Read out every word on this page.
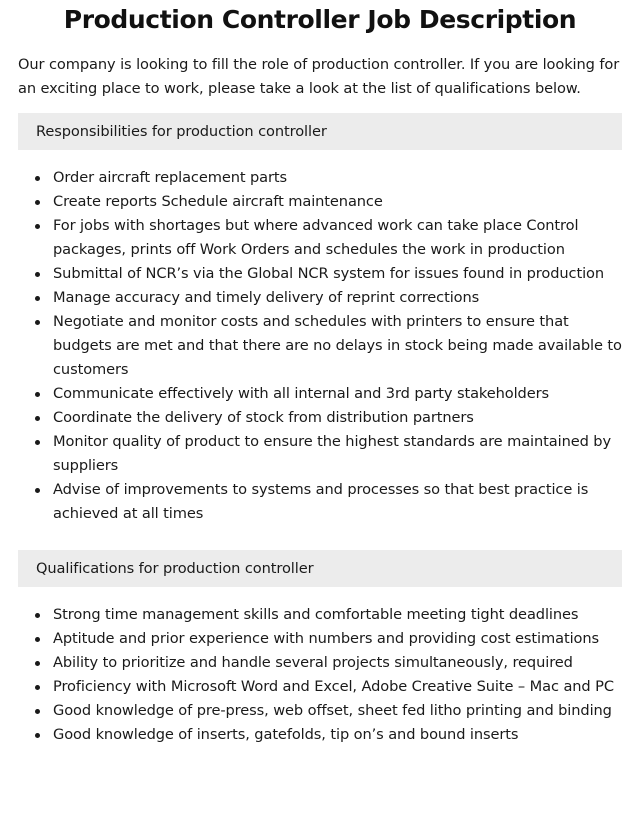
Production Controller Job Description

Our company is looking to fill the role of production controller. If you are looking for an exciting place to work, please take a look at the list of qualifications below.

Responsibilities for production controller
Order aircraft replacement parts
Create reports Schedule aircraft maintenance
For jobs with shortages but where advanced work can take place Control packages, prints off Work Orders and schedules the work in production
Submittal of NCR’s via the Global NCR system for issues found in production
Manage accuracy and timely delivery of reprint corrections
Negotiate and monitor costs and schedules with printers to ensure that budgets are met and that there are no delays in stock being made available to customers
Communicate effectively with all internal and 3rd party stakeholders
Coordinate the delivery of stock from distribution partners
Monitor quality of product to ensure the highest standards are maintained by suppliers
Advise of improvements to systems and processes so that best practice is achieved at all times
Qualifications for production controller
Strong time management skills and comfortable meeting tight deadlines
Aptitude and prior experience with numbers and providing cost estimations
Ability to prioritize and handle several projects simultaneously, required
Proficiency with Microsoft Word and Excel, Adobe Creative Suite – Mac and PC
Good knowledge of pre-press, web offset, sheet fed litho printing and binding
Good knowledge of inserts, gatefolds, tip on’s and bound inserts
